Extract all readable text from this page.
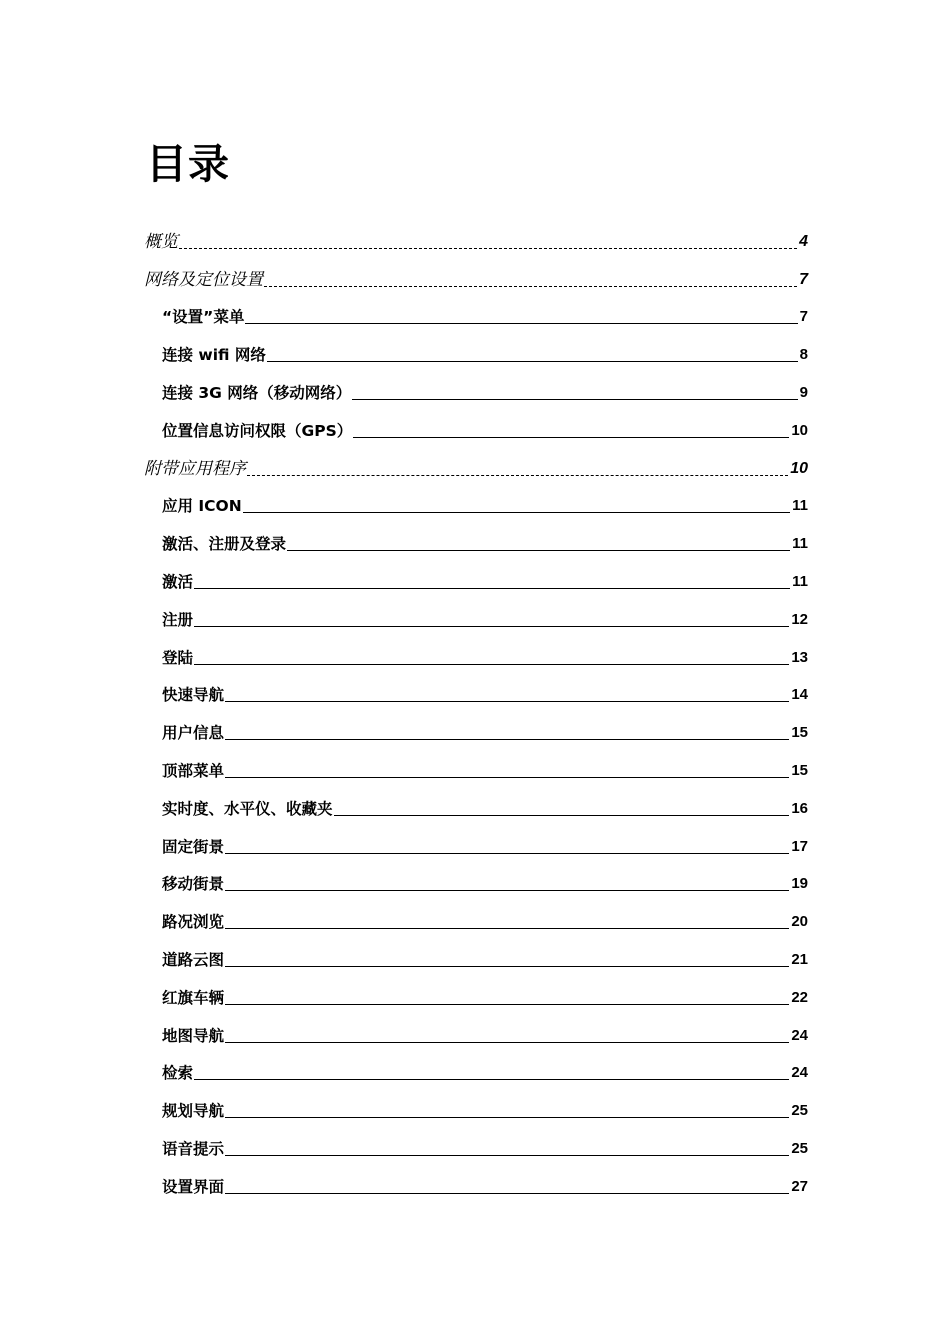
目录
概览	4
网络及定位设置	7
“设置”菜单	7
连接 wifi 网络	8
连接 3G 网络（移动网络）	9
位置信息访问权限（GPS）	10
附带应用程序	10
应用 ICON	11
激活、注册及登录	11
激活	11
注册	12
登陆	13
快速导航	14
用户信息	15
顶部菜单	15
实时度、水平仪、收藏夹	16
固定街景	17
移动街景	19
路况浏览	20
道路云图	21
红旗车辆	22
地图导航	24
检索	24
规划导航	25
语音提示	25
设置界面	27
